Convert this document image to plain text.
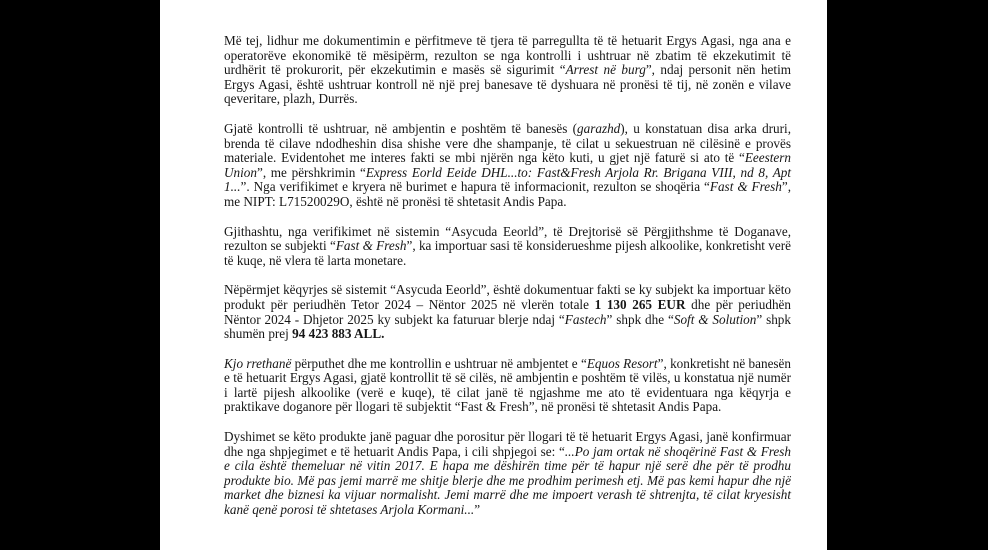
Më tej, lidhur me dokumentimin e përfitmeve të tjera të parregullta të të hetuarit Ergys Agasi, nga ana e operatorëve ekonomikë të mësipërm, rezulton se nga kontrolli i ushtruar në zbatim të ekzekutimit të urdhërit të prokurorit, për ekzekutimin e masës së sigurimit “Arrest në burg”, ndaj personit nën hetim Ergys Agasi, është ushtruar kontroll në një prej banesave të dyshuara në pronësi të tij, në zonën e vilave qeveritare, plazh, Durrës.

Gjatë kontrolli të ushtruar, në ambjentin e poshtëm të banesës (garazhd), u konstatuan disa arka druri, brenda të cilave ndodheshin disa shishe vere dhe shampanje, të cilat u sekuestruan në cilësinë e provës materiale. Evidentohet me interes fakti se mbi njërën nga këto kuti, u gjet një faturë si ato të “Eeestern Union”, me përshkrimin “Express Eorld Eeide DHL...to: Fast&Fresh Arjola Rr. Brigana VIII, nd 8, Apt 1...”. Nga verifikimet e kryera në burimet e hapura të informacionit, rezulton se shoqëria “Fast & Fresh”, me NIPT: L71520029O, është në pronësi të shtetasit Andis Papa.

Gjithashtu, nga verifikimet në sistemin “Asycuda Eeorld”, të Drejtorisë së Përgjithshme të Doganave, rezulton se subjekti “Fast & Fresh”, ka importuar sasi të konsiderueshme pijesh alkoolike, konkretisht verë të kuqe, në vlera të larta monetare.

Nëpërmjet këqyrjes së sistemit “Asycuda Eeorld”, është dokumentuar fakti se ky subjekt ka importuar këto produkt për periudhën Tetor 2024 – Nëntor 2025 në vlerën totale 1 130 265 EUR dhe për periudhën Nëntor 2024 - Dhjetor 2025 ky subjekt ka faturuar blerje ndaj “Fastech” shpk dhe “Soft & Solution” shpk shumën prej 94 423 883 ALL.

Kjo rrethanë përputhet dhe me kontrollin e ushtruar në ambjentet e “Equos Resort”, konkretisht në banesën e të hetuarit Ergys Agasi, gjatë kontrollit të së cilës, në ambjentin e poshtëm të vilës, u konstatua një numër i lartë pijesh alkoolike (verë e kuqe), të cilat janë të ngjashme me ato të evidentuara nga këqyrja e praktikave doganore për llogari të subjektit “Fast & Fresh”, në pronësi të shtetasit Andis Papa.

Dyshimet se këto produkte janë paguar dhe porositur për llogari të të hetuarit Ergys Agasi, janë konfirmuar dhe nga shpjegimet e të hetuarit Andis Papa, i cili shpjegoi se: “...Po jam ortak në shoqërinë Fast & Fresh e cila është themeluar në vitin 2017. E hapa me dëshirën time për të hapur një serë dhe për të prodhu produkte bio. Më pas jemi marrë me shitje blerje dhe me prodhim perimesh etj. Më pas kemi hapur dhe një market dhe biznesi ka vijuar normalisht. Jemi marrë dhe me impoert verash të shtrenjta, të cilat kryesisht kanë qenë porosi të shtetases Arjola Kormani...”
